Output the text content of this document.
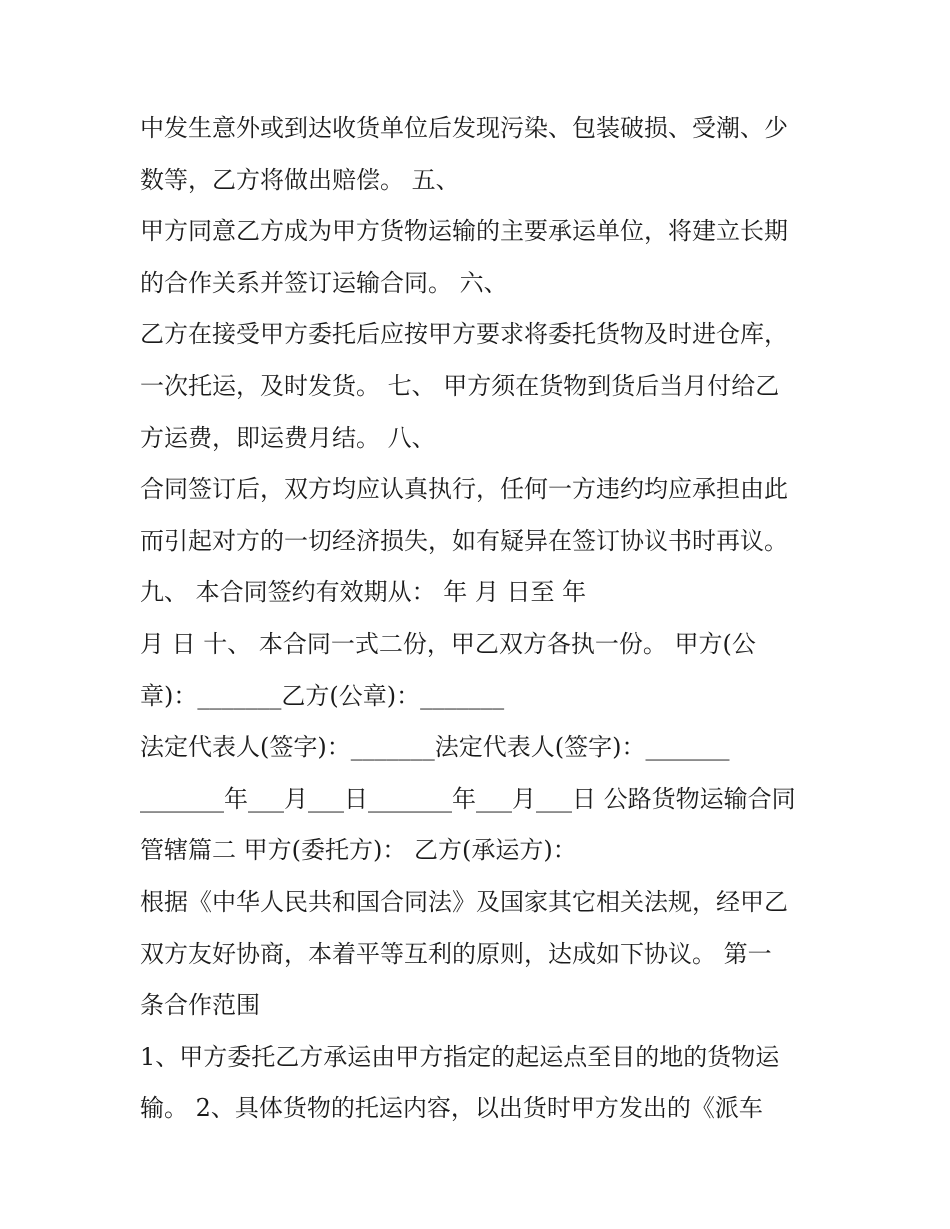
中发生意外或到达收货单位后发现污染、包装破损、受潮、少
数等，乙方将做出赔偿。 五、
甲方同意乙方成为甲方货物运输的主要承运单位，将建立长期
的合作关系并签订运输合同。 六、
乙方在接受甲方委托后应按甲方要求将委托货物及时进仓库，
一次托运，及时发货。 七、 甲方须在货物到货后当月付给乙
方运费，即运费月结。 八、
合同签订后，双方均应认真执行，任何一方违约均应承担由此
而引起对方的一切经济损失，如有疑异在签订协议书时再议。
九、 本合同签约有效期从： 年 月 日至 年
月 日 十、 本合同一式二份，甲乙双方各执一份。 甲方(公
章)：_______乙方(公章)：_______
法定代表人(签字)：_______法定代表人(签字)：_______
_______年___月___日_______年___月___日 公路货物运输合同
管辖篇二 甲方(委托方)： 乙方(承运方)：
根据《中华人民共和国合同法》及国家其它相关法规，经甲乙
双方友好协商，本着平等互利的原则，达成如下协议。 第一
条合作范围
1、甲方委托乙方承运由甲方指定的起运点至目的地的货物运
输。 2、具体货物的托运内容，以出货时甲方发出的《派车
